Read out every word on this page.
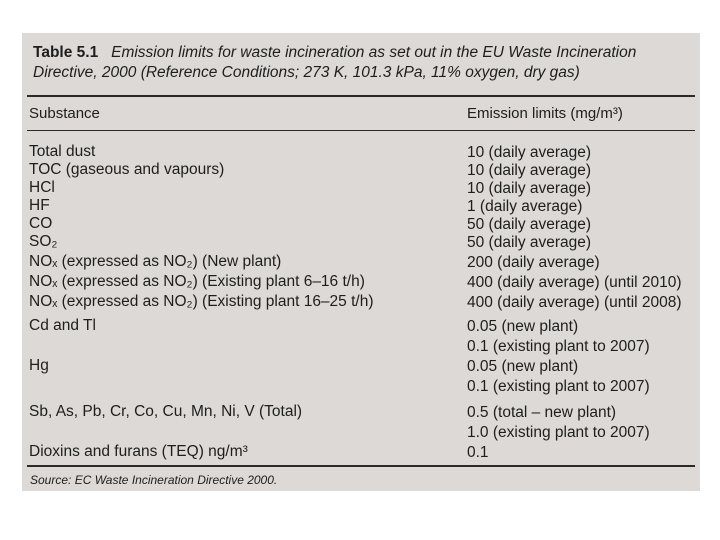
Table 5.1 Emission limits for waste incineration as set out in the EU Waste Incineration Directive, 2000 (Reference Conditions; 273 K, 101.3 kPa, 11% oxygen, dry gas)
Substance	Emission limits (mg/m³)
Total dust	10 (daily average)
TOC (gaseous and vapours)	10 (daily average)
HCl	10 (daily average)
HF	1 (daily average)
CO	50 (daily average)
SO₂	50 (daily average)
NOₓ (expressed as NO₂) (New plant)	200 (daily average)
NOₓ (expressed as NO₂) (Existing plant 6–16 t/h)	400 (daily average) (until 2010)
NOₓ (expressed as NO₂) (Existing plant 16–25 t/h)	400 (daily average) (until 2008)
Cd and Tl	0.05 (new plant)
0.1 (existing plant to 2007)
Hg	0.05 (new plant)
0.1 (existing plant to 2007)
Sb, As, Pb, Cr, Co, Cu, Mn, Ni, V (Total)	0.5 (total – new plant)
1.0 (existing plant to 2007)
Dioxins and furans (TEQ) ng/m³	0.1
Source: EC Waste Incineration Directive 2000.
